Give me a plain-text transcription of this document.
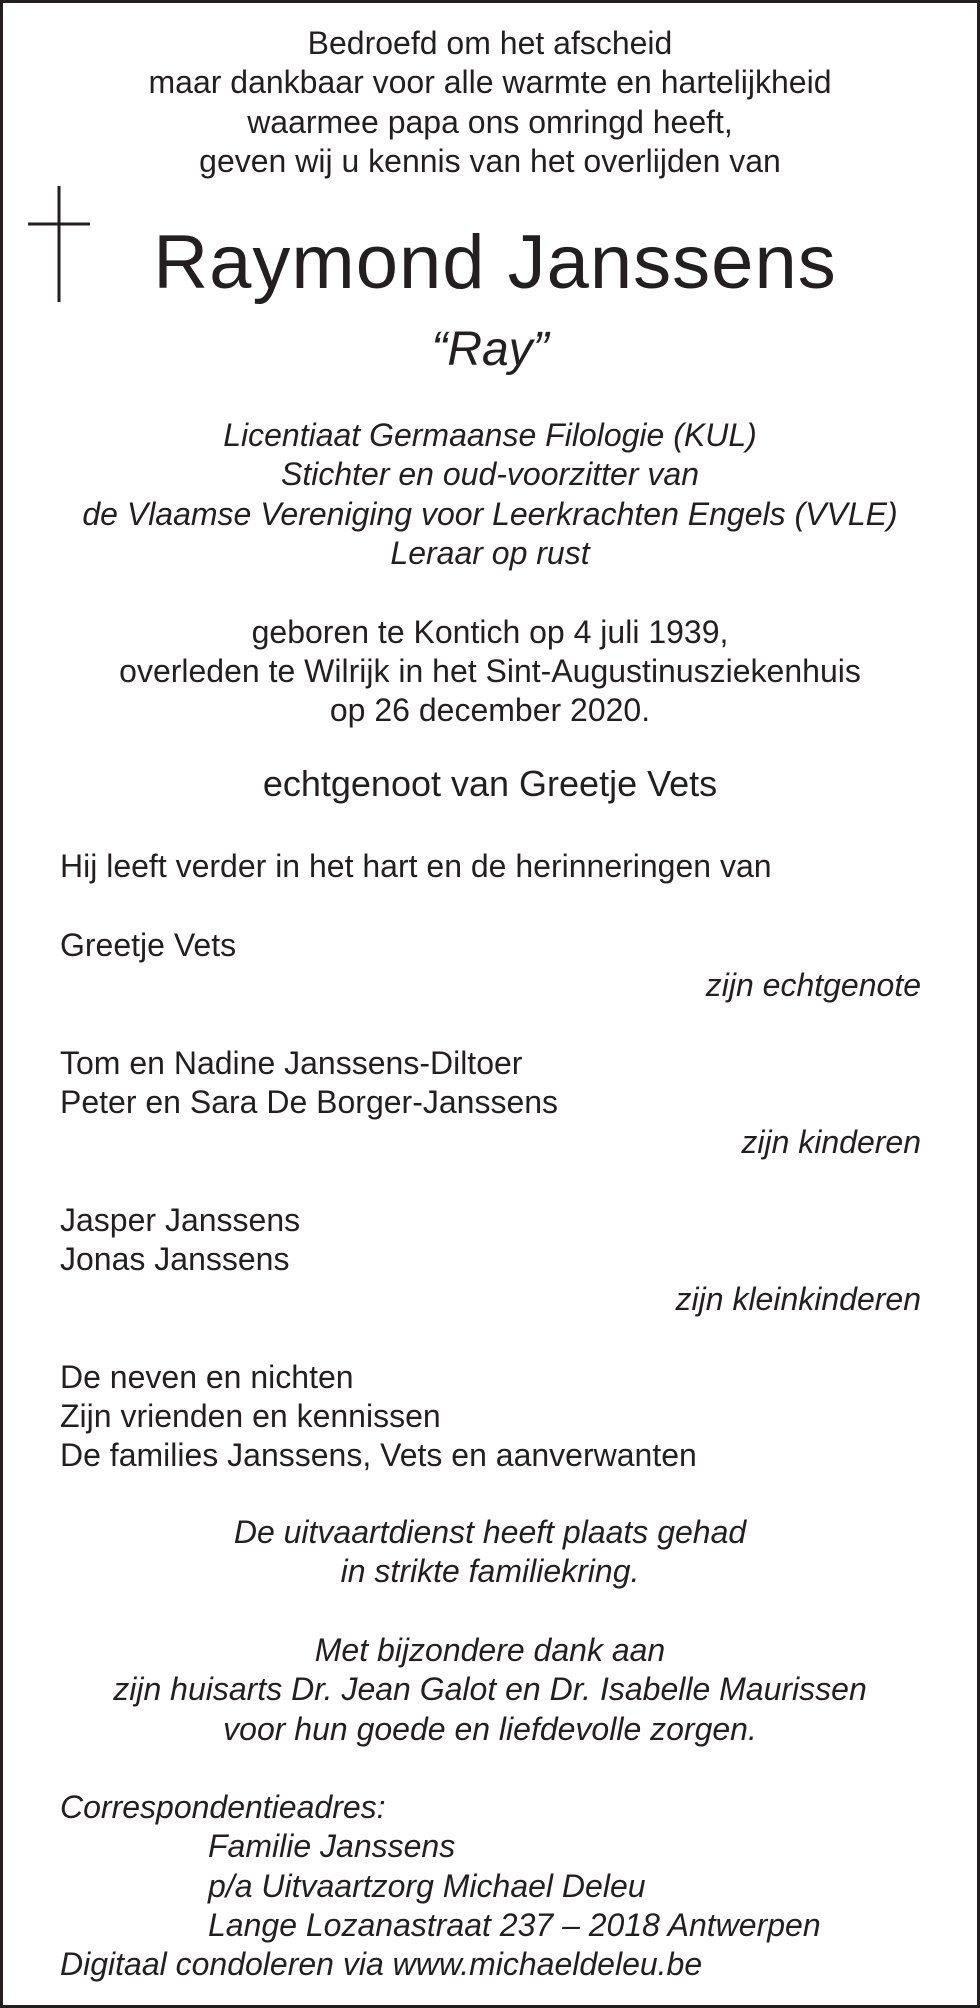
Bedroefd om het afscheid
maar dankbaar voor alle warmte en hartelijkheid
waarmee papa ons omringd heeft,
geven wij u kennis van het overlijden van
Raymond Janssens
“Ray”
Licentiaat Germaanse Filologie (KUL)
Stichter en oud-voorzitter van
de Vlaamse Vereniging voor Leerkrachten Engels (VVLE)
Leraar op rust
geboren te Kontich op 4 juli 1939,
overleden te Wilrijk in het Sint-Augustinusziekenhuis
op 26 december 2020.
echtgenoot van Greetje Vets
Hij leeft verder in het hart en de herinneringen van
Greetje Vets
zijn echtgenote
Tom en Nadine Janssens-Diltoer
Peter en Sara De Borger-Janssens
zijn kinderen
Jasper Janssens
Jonas Janssens
zijn kleinkinderen
De neven en nichten
Zijn vrienden en kennissen
De families Janssens, Vets en aanverwanten
De uitvaartdienst heeft plaats gehad
in strikte familiekring.
Met bijzondere dank aan
zijn huisarts Dr. Jean Galot en Dr. Isabelle Maurissen
voor hun goede en liefdevolle zorgen.
Correspondentieadres:
Familie Janssens
p/a Uitvaartzorg Michael Deleu
Lange Lozanastraat 237 – 2018 Antwerpen
Digitaal condoleren via www.michaeldeleu.be
